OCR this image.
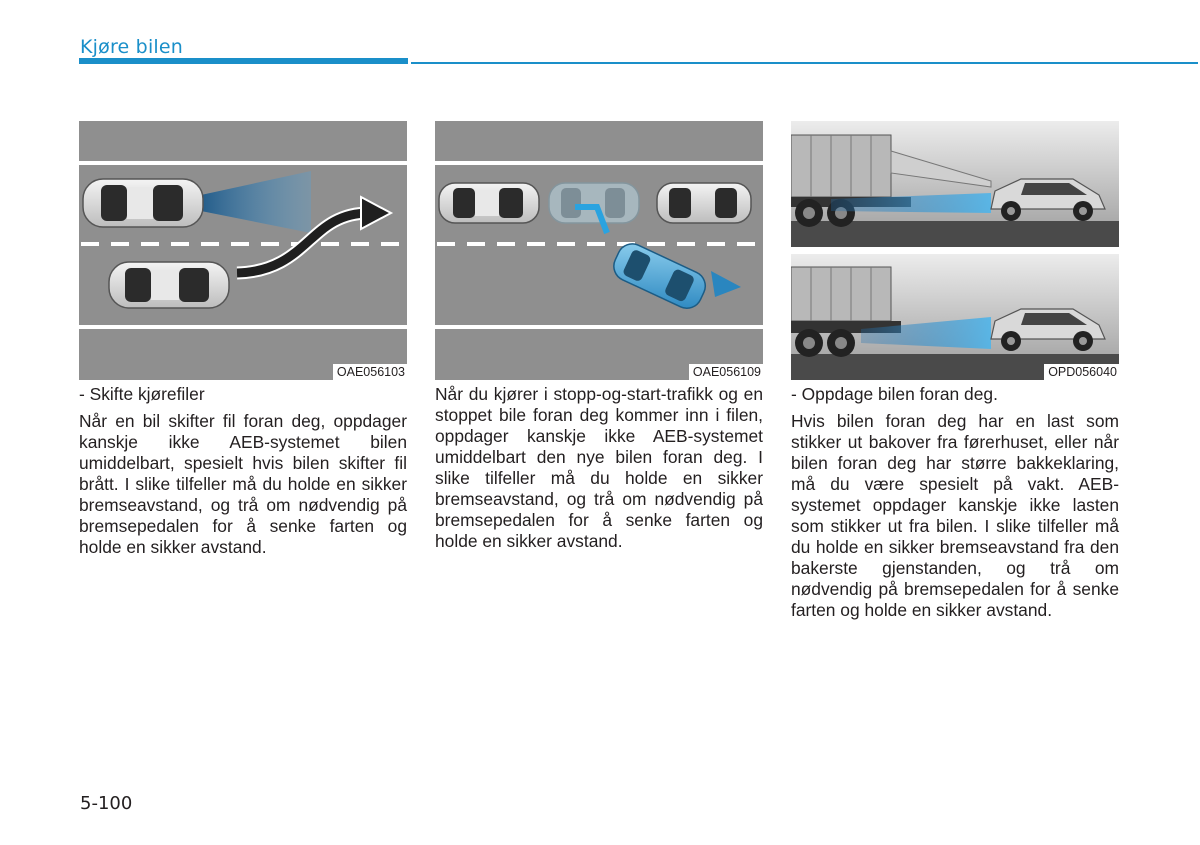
Kjøre bilen
OAE056103	OAE056109	OPD056040

- Skifte kjørefiler

Når en bil skifter fil foran deg, oppdager kanskje ikke AEB-systemet bilen umiddelbart, spesielt hvis bilen skifter fil brått. I slike tilfeller må du holde en sikker bremseavstand, og trå om nødvendig på bremsepedalen for å senke farten og holde en sikker avstand.

Når du kjører i stopp-og-start-trafikk og en stoppet bile foran deg kommer inn i filen, oppdager kanskje ikke AEB-systemet umiddelbart den nye bilen foran deg. I slike tilfeller må du holde en sikker bremseavstand, og trå om nødvendig på bremsepedalen for å senke farten og holde en sikker avstand.

- Oppdage bilen foran deg.

Hvis bilen foran deg har en last som stikker ut bakover fra førerhuset, eller når bilen foran deg har større bakkeklaring, må du være spesielt på vakt. AEB-systemet oppdager kanskje ikke lasten som stikker ut fra bilen. I slike tilfeller må du holde en sikker bremseavstand fra den bakerste gjenstanden, og trå om nødvendig på bremsepedalen for å senke farten og holde en sikker avstand.

5-100
